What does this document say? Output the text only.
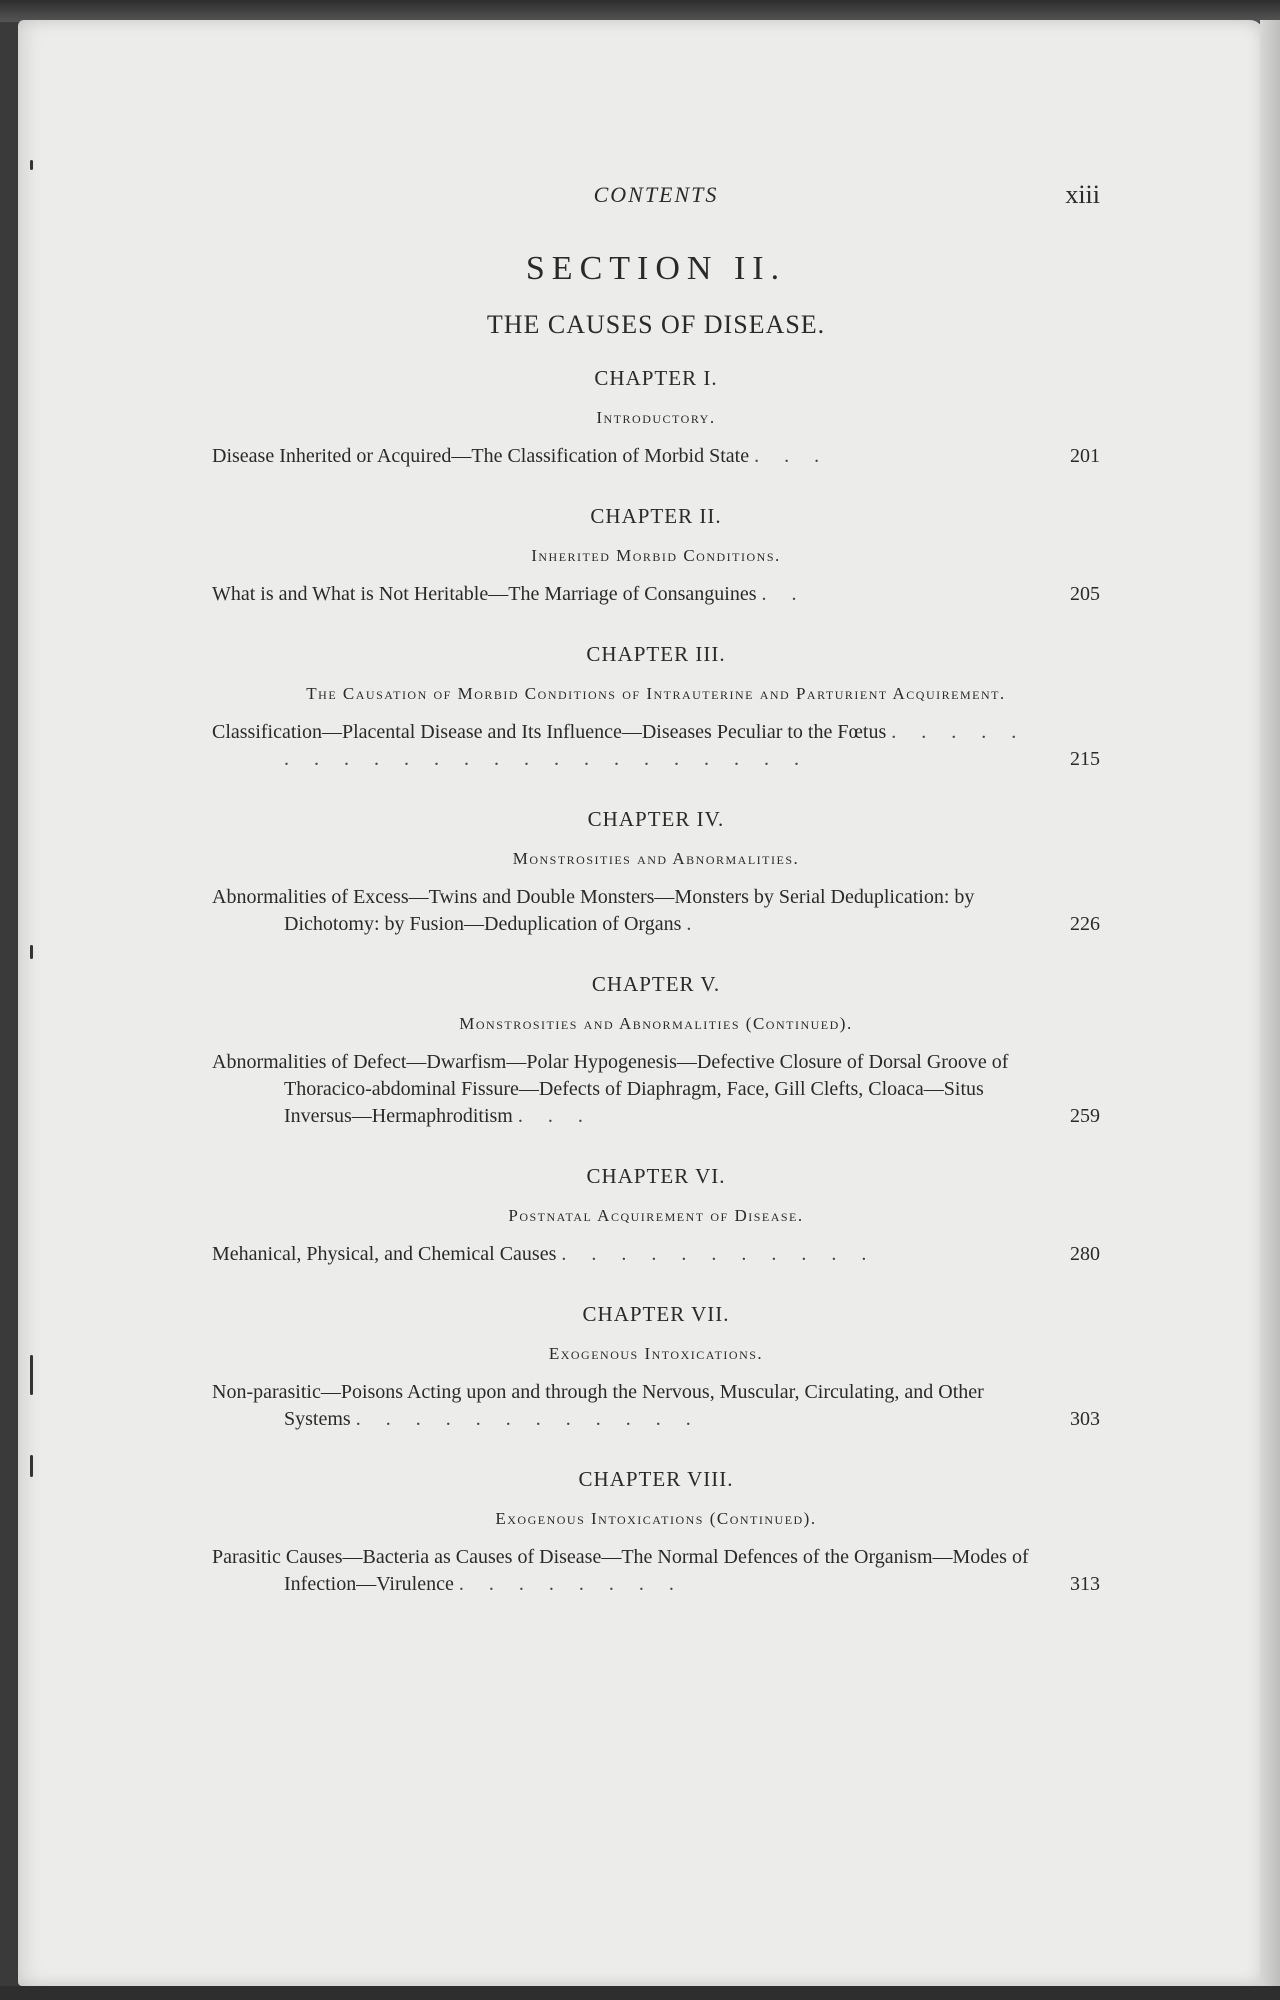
CONTENTS	xiii
SECTION II.
THE CAUSES OF DISEASE.
CHAPTER I.
Introductory.
Disease Inherited or Acquired—The Classification of Morbid State . . .	201
CHAPTER II.
Inherited Morbid Conditions.
What is and What is Not Heritable—The Marriage of Consanguines . .	205
CHAPTER III.
The Causation of Morbid Conditions of Intrauterine and Parturient Acquirement.
Classification—Placental Disease and Its Influence—Diseases Peculiar to the Fœtus . . . . . . . . . . . . . . . . . . . . . . .	215
CHAPTER IV.
Monstrosities and Abnormalities.
Abnormalities of Excess—Twins and Double Monsters—Monsters by Serial Deduplication: by Dichotomy: by Fusion—Deduplication of Organs .	226
CHAPTER V.
Monstrosities and Abnormalities (Continued).
Abnormalities of Defect—Dwarfism—Polar Hypogenesis—Defective Closure of Dorsal Groove of Thoracico-abdominal Fissure—Defects of Diaphragm, Face, Gill Clefts, Cloaca—Situs Inversus—Hermaphroditism . . .	259
CHAPTER VI.
Postnatal Acquirement of Disease.
Mehanical, Physical, and Chemical Causes . . . . . . . . . . .	280
CHAPTER VII.
Exogenous Intoxications.
Non-parasitic—Poisons Acting upon and through the Nervous, Muscular, Circulating, and Other Systems . . . . . . . . . . . .	303
CHAPTER VIII.
Exogenous Intoxications (Continued).
Parasitic Causes—Bacteria as Causes of Disease—The Normal Defences of the Organism—Modes of Infection—Virulence . . . . . . . .	313
